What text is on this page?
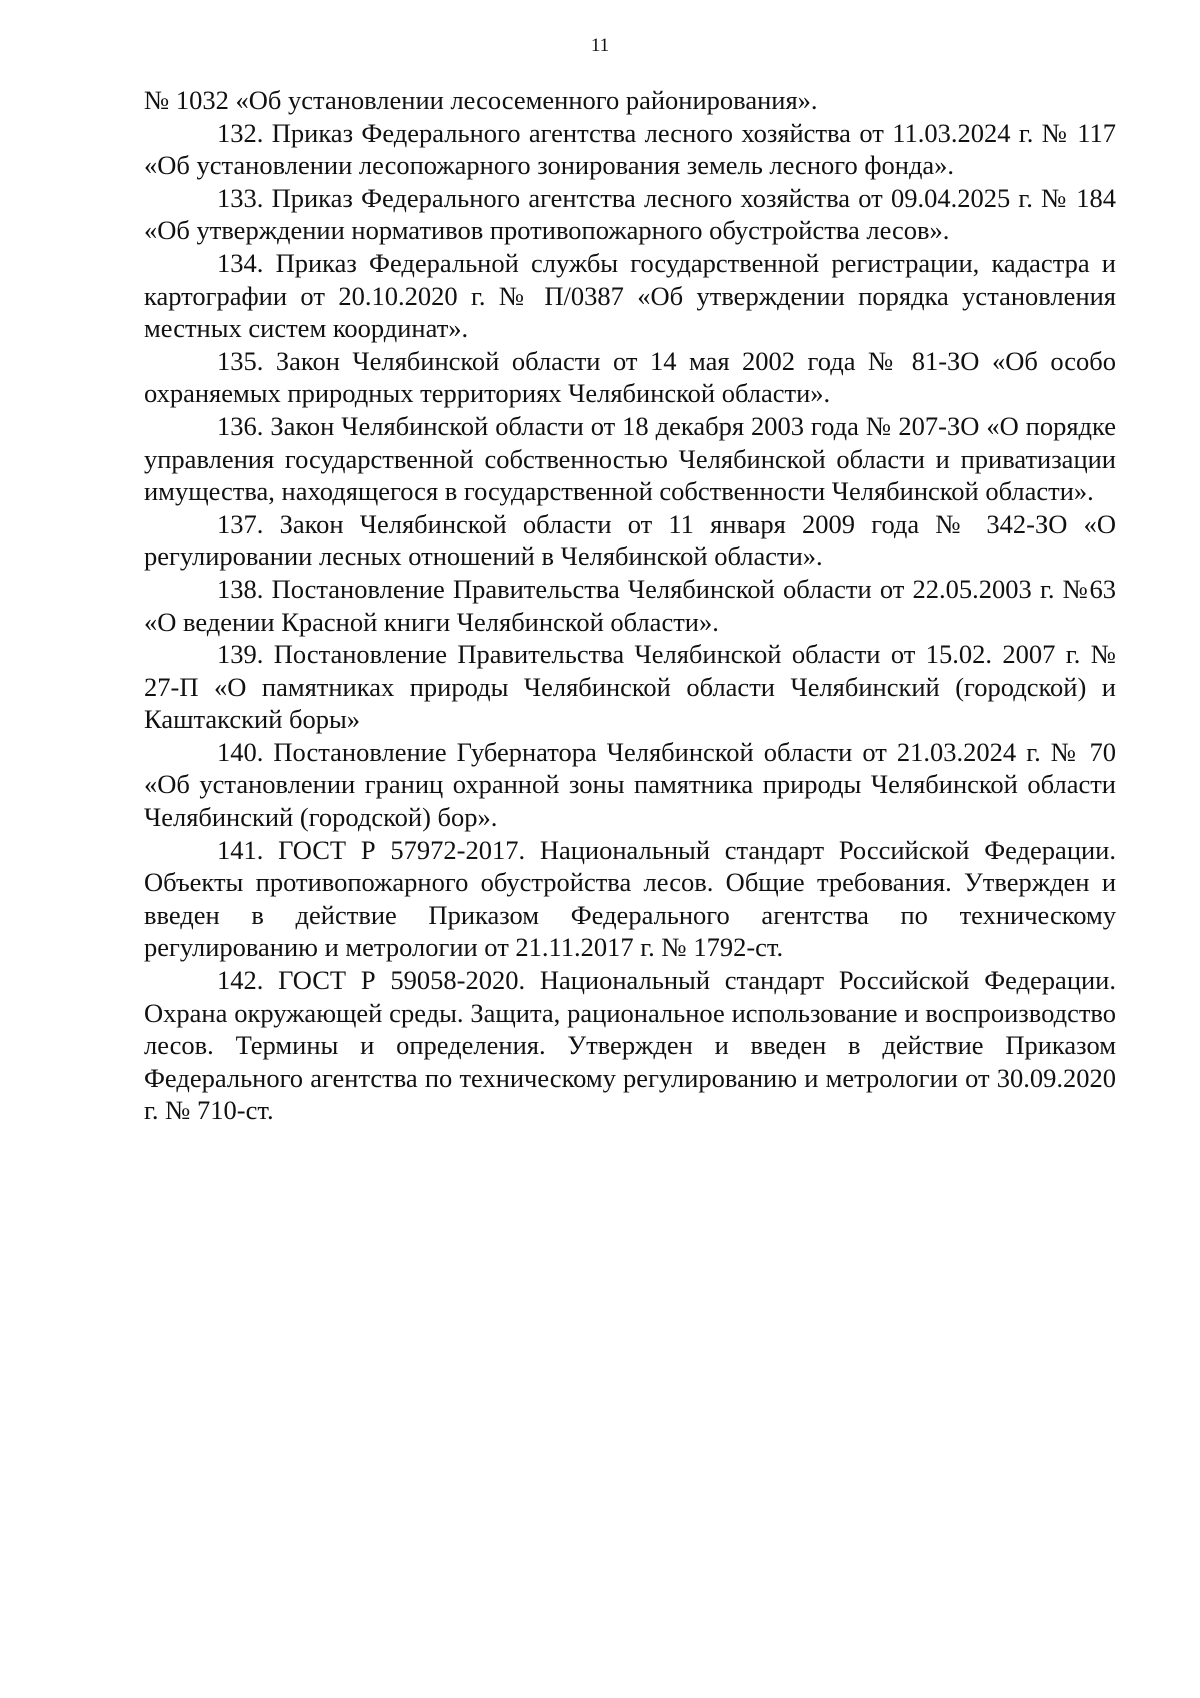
11

№ 1032 «Об установлении лесосеменного районирования».

132. Приказ Федерального агентства лесного хозяйства от 11.03.2024 г. № 117 «Об установлении лесопожарного зонирования земель лесного фонда».

133. Приказ Федерального агентства лесного хозяйства от 09.04.2025 г. № 184 «Об утверждении нормативов противопожарного обустройства лесов».

134. Приказ Федеральной службы государственной регистрации, кадастра и картографии от 20.10.2020 г. № П/0387 «Об утверждении порядка установления местных систем координат».

135. Закон Челябинской области от 14 мая 2002 года № 81-ЗО «Об особо охраняемых природных территориях Челябинской области».

136. Закон Челябинской области от 18 декабря 2003 года № 207-ЗО «О порядке управления государственной собственностью Челябинской области и приватизации имущества, находящегося в государственной собственности Челябинской области».

137. Закон Челябинской области от 11 января 2009 года № 342-ЗО «О регулировании лесных отношений в Челябинской области».

138. Постановление Правительства Челябинской области от 22.05.2003 г. №63 «О ведении Красной книги Челябинской области».

139. Постановление Правительства Челябинской области от 15.02. 2007 г. № 27-П «О памятниках природы Челябинской области Челябинский (городской) и Каштакский боры»

140. Постановление Губернатора Челябинской области от 21.03.2024 г. № 70 «Об установлении границ охранной зоны памятника природы Челябинской области Челябинский (городской) бор».

141. ГОСТ Р 57972-2017. Национальный стандарт Российской Федерации. Объекты противопожарного обустройства лесов. Общие требования. Утвержден и введен в действие Приказом Федерального агентства по техническому регулированию и метрологии от 21.11.2017 г. № 1792-ст.

142. ГОСТ Р 59058-2020. Национальный стандарт Российской Федерации. Охрана окружающей среды. Защита, рациональное использование и воспроизводство лесов. Термины и определения. Утвержден и введен в действие Приказом Федерального агентства по техническому регулированию и метрологии от 30.09.2020 г. № 710-ст.
